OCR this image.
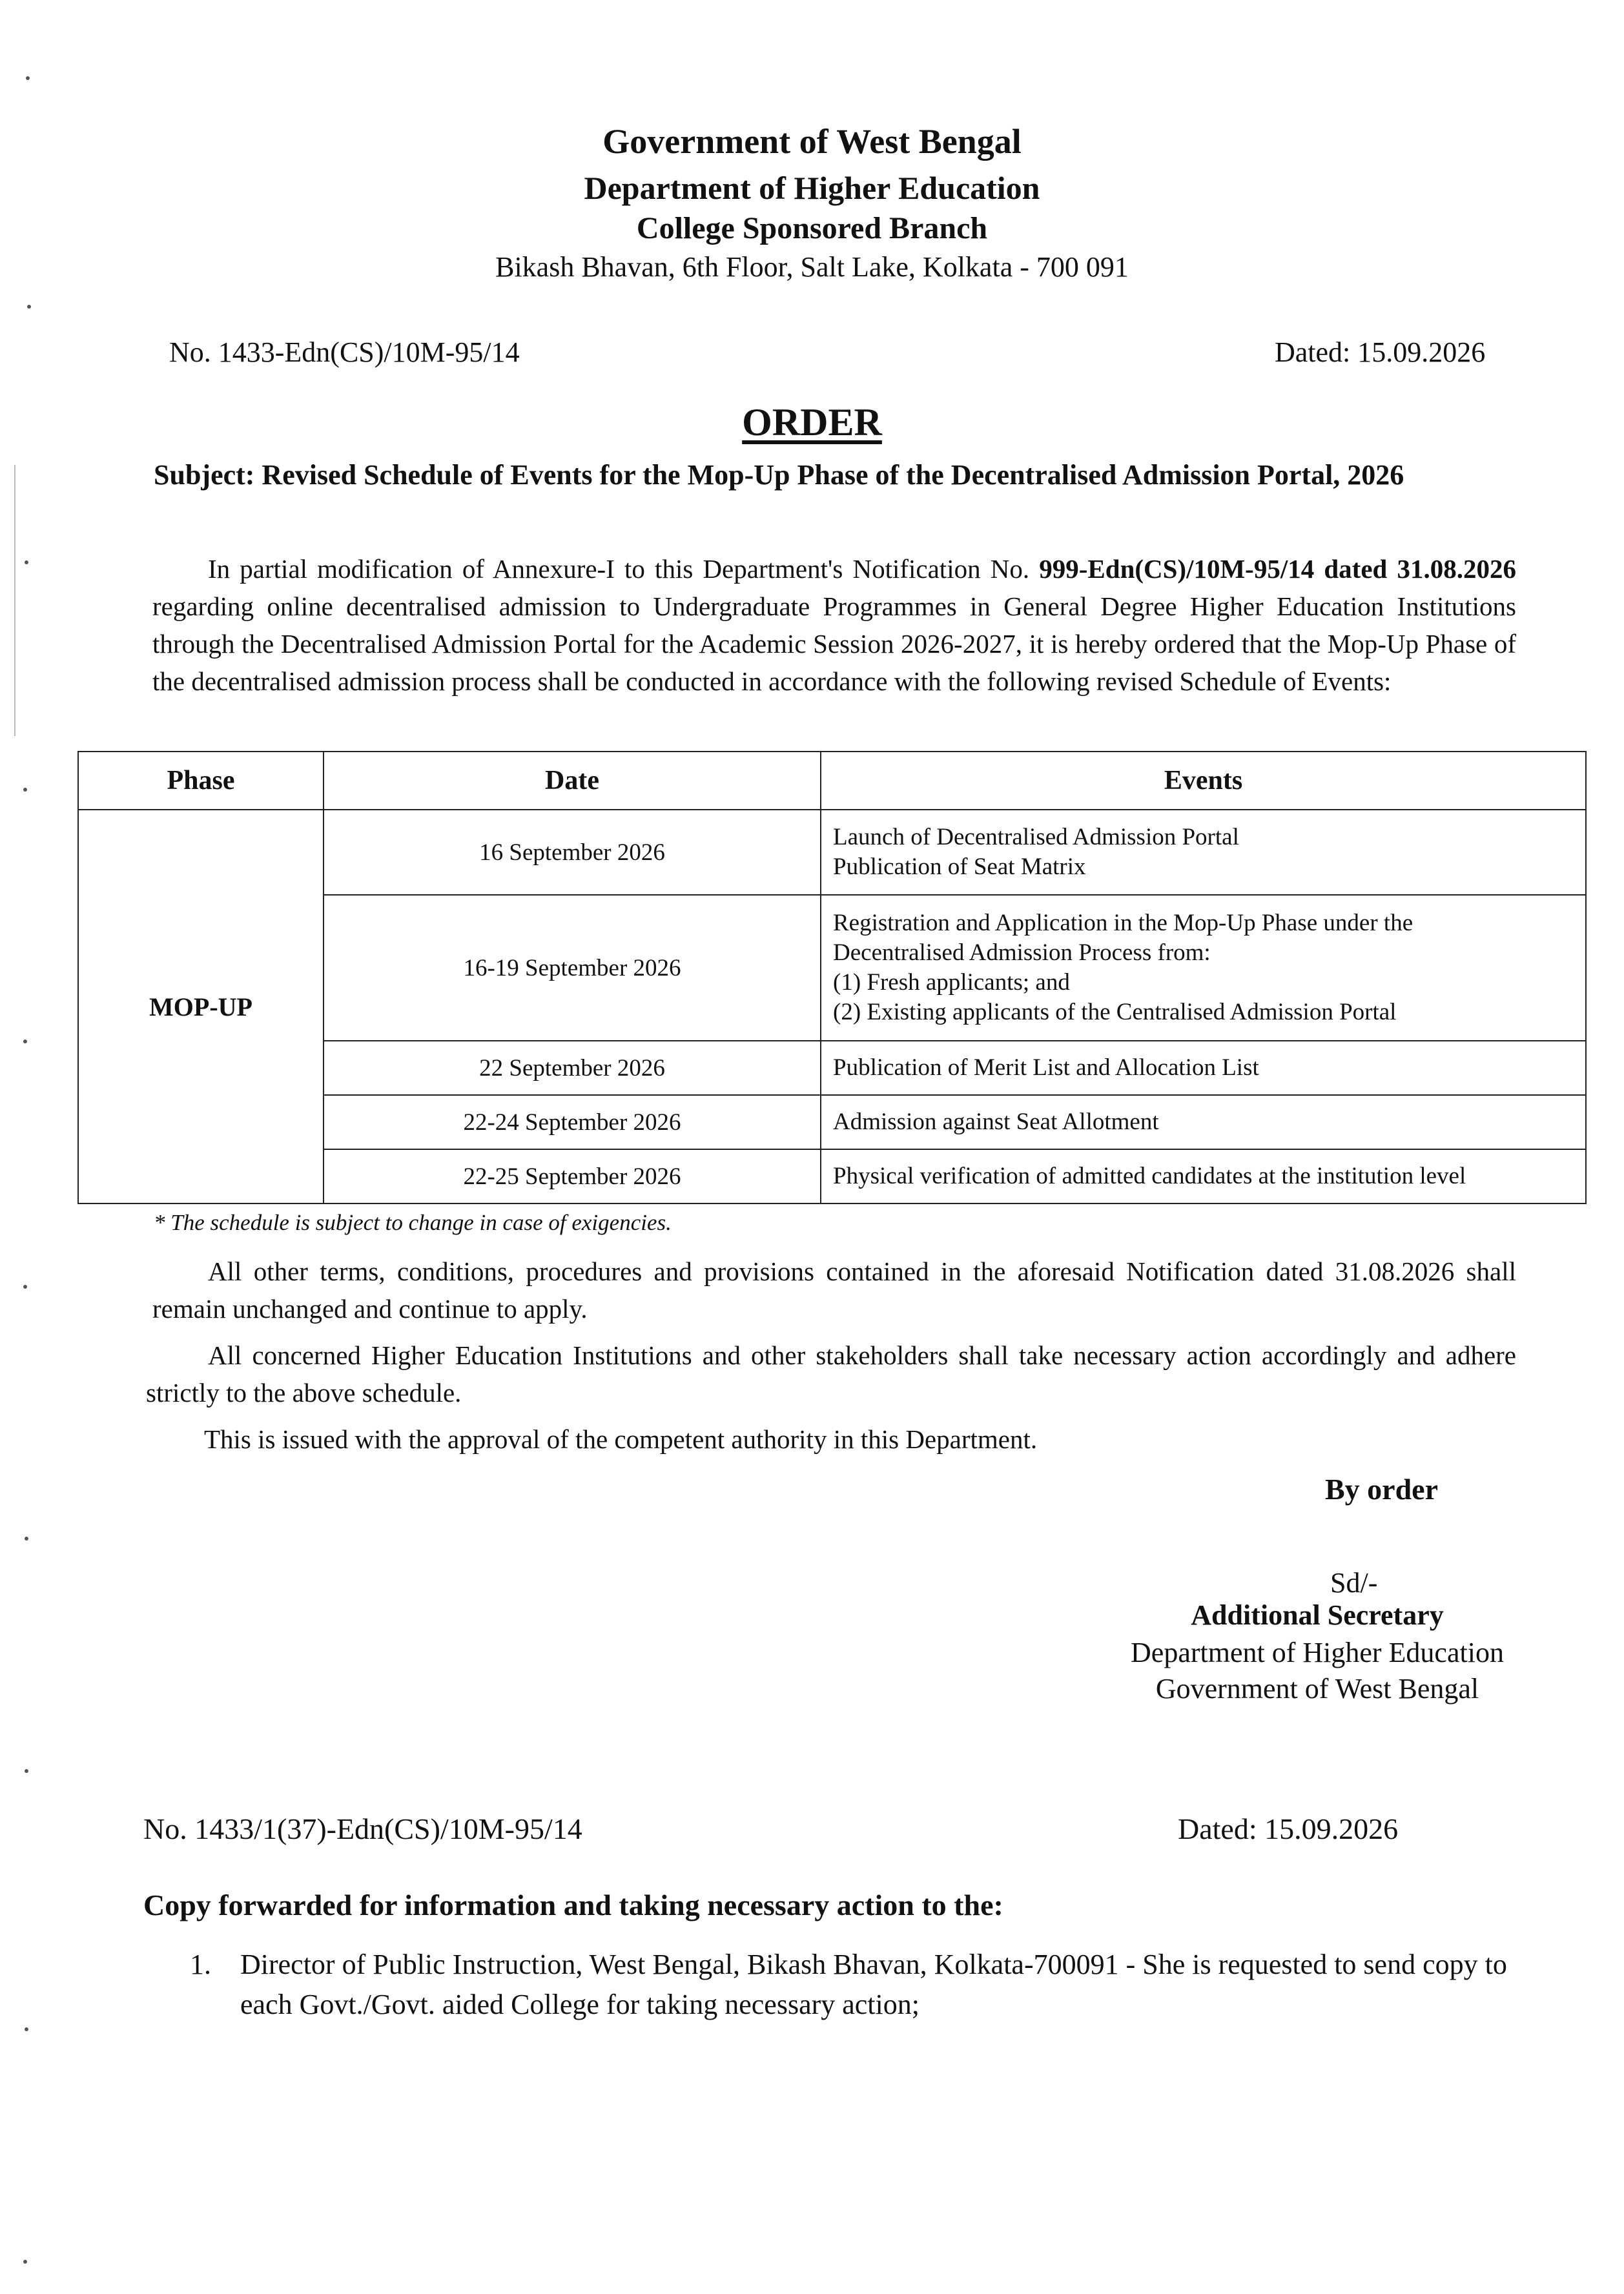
Government of West Bengal
Department of Higher Education
College Sponsored Branch
Bikash Bhavan, 6th Floor, Salt Lake, Kolkata - 700 091
No. 1433-Edn(CS)/10M-95/14	Dated: 15.09.2026
ORDER
Subject: Revised Schedule of Events for the Mop-Up Phase of the Decentralised Admission Portal, 2026
In partial modification of Annexure-I to this Department's Notification No. 999-Edn(CS)/10M-95/14 dated 31.08.2026 regarding online decentralised admission to Undergraduate Programmes in General Degree Higher Education Institutions through the Decentralised Admission Portal for the Academic Session 2026-2027, it is hereby ordered that the Mop-Up Phase of the decentralised admission process shall be conducted in accordance with the following revised Schedule of Events:
Phase	Date	Events
MOP-UP	16 September 2026	Launch of Decentralised Admission Portal
Publication of Seat Matrix

	16-19 September 2026	Registration and Application in the Mop-Up Phase under the
Decentralised Admission Process from:
(1) Fresh applicants; and
(2) Existing applicants of the Centralised Admission Portal

	22 September 2026	Publication of Merit List and Allocation List

	22-24 September 2026	Admission against Seat Allotment

	22-25 September 2026	Physical verification of admitted candidates at the institution level
* The schedule is subject to change in case of exigencies.
All other terms, conditions, procedures and provisions contained in the aforesaid Notification dated 31.08.2026 shall remain unchanged and continue to apply.
All concerned Higher Education Institutions and other stakeholders shall take necessary action accordingly and adhere strictly to the above schedule.
This is issued with the approval of the competent authority in this Department.
By order
Sd/-
Additional Secretary
Department of Higher Education
Government of West Bengal
No. 1433/1(37)-Edn(CS)/10M-95/14	Dated: 15.09.2026
Copy forwarded for information and taking necessary action to the:
1. Director of Public Instruction, West Bengal, Bikash Bhavan, Kolkata-700091 - She is requested to send copy to each Govt./Govt. aided College for taking necessary action;
